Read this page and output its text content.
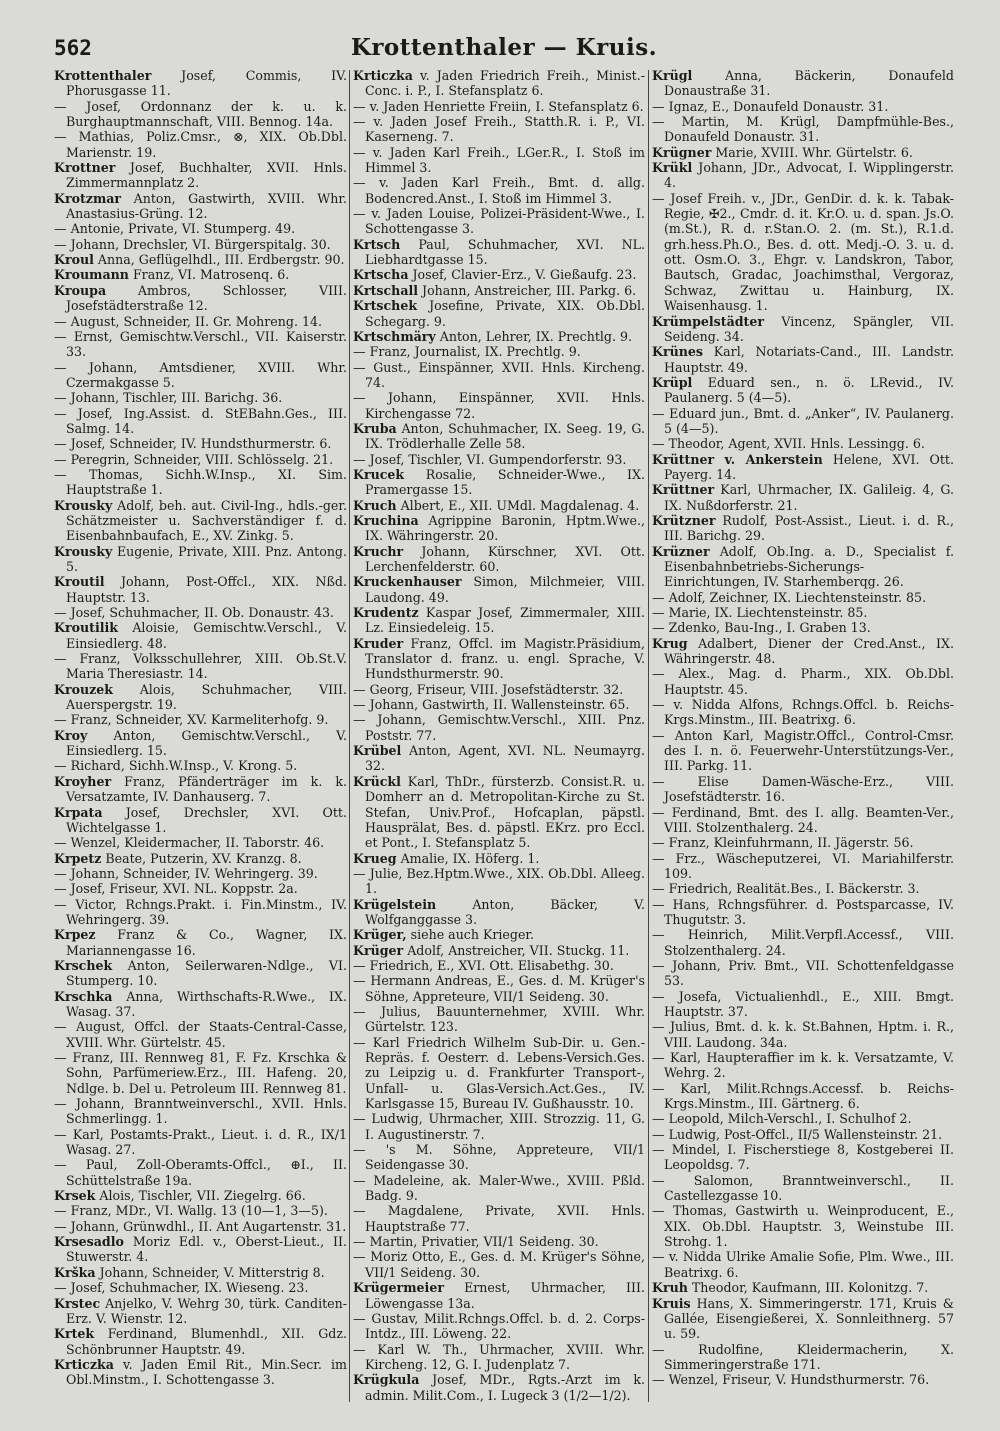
562	Krottenthaler — Kruis.

Krottenthaler Josef, Commis, IV. Phorusgasse 11.

— Josef, Ordonnanz der k. u. k. Burghauptmannschaft, VIII. Bennog. 14a.

— Mathias, Poliz.Cmsr., ⊗, XIX. Ob.Dbl. Marienstr. 19.

Krottner Josef, Buchhalter, XVII. Hnls. Zimmermannplatz 2.

Krotzmar Anton, Gastwirth, XVIII. Whr. Anastasius-Grüng. 12.

— Antonie, Private, VI. Stumperg. 49.

— Johann, Drechsler, VI. Bürgerspitalg. 30.

Kroul Anna, Geflügelhdl., III. Erdbergstr. 90.

Kroumann Franz, VI. Matrosenq. 6.

Kroupa Ambros, Schlosser, VIII. Josefstädterstraße 12.

— August, Schneider, II. Gr. Mohreng. 14.

— Ernst, Gemischtw.Verschl., VII. Kaiserstr. 33.

— Johann, Amtsdiener, XVIII. Whr. Czermakgasse 5.

— Johann, Tischler, III. Barichg. 36.

— Josef, Ing.Assist. d. StEBahn.Ges., III. Salmg. 14.

— Josef, Schneider, IV. Hundsthurmerstr. 6.

— Peregrin, Schneider, VIII. Schlösselg. 21.

— Thomas, Sichh.W.Insp., XI. Sim. Hauptstraße 1.

Krousky Adolf, beh. aut. Civil-Ing., hdls.-ger. Schätzmeister u. Sachverständiger f. d. Eisenbahnbaufach, E., XV. Zinkg. 5.

Krousky Eugenie, Private, XIII. Pnz. Antong. 5.

Kroutil Johann, Post-Offcl., XIX. Nßd. Hauptstr. 13.

— Josef, Schuhmacher, II. Ob. Donaustr. 43.

Kroutilik Aloisie, Gemischtw.Verschl., V. Einsiedlerg. 48.

— Franz, Volksschullehrer, XIII. Ob.St.V. Maria Theresiastr. 14.

Krouzek Alois, Schuhmacher, VIII. Auerspergstr. 19.

— Franz, Schneider, XV. Karmeliterhofg. 9.

Kroy Anton, Gemischtw.Verschl., V. Einsiedlerg. 15.

— Richard, Sichh.W.Insp., V. Krong. 5.

Kroyher Franz, Pfänderträger im k. k. Versatzamte, IV. Danhauserg. 7.

Krpata Josef, Drechsler, XVI. Ott. Wichtelgasse 1.

— Wenzel, Kleidermacher, II. Taborstr. 46.

Krpetz Beate, Putzerin, XV. Kranzg. 8.

— Johann, Schneider, IV. Wehringerg. 39.

— Josef, Friseur, XVI. NL. Koppstr. 2a.

— Victor, Rchngs.Prakt. i. Fin.Minstm., IV. Wehringerg. 39.

Krpez Franz & Co., Wagner, IX. Mariannengasse 16.

Krschek Anton, Seilerwaren-Ndlge., VI. Stumperg. 10.

Krschka Anna, Wirthschafts-R.Wwe., IX. Wasag. 37.

— August, Offcl. der Staats-Central-Casse, XVIII. Whr. Gürtelstr. 45.

— Franz, III. Rennweg 81, F. Fz. Krschka & Sohn, Parfümeriew.Erz., III. Hafeng. 20, Ndlge. b. Del u. Petroleum III. Rennweg 81.

— Johann, Branntweinverschl., XVII. Hnls. Schmerlingg. 1.

— Karl, Postamts-Prakt., Lieut. i. d. R., IX/1 Wasag. 27.

— Paul, Zoll-Oberamts-Offcl., ⊕I., II. Schüttelstraße 19a.

Krsek Alois, Tischler, VII. Ziegelrg. 66.

— Franz, MDr., VI. Wallg. 13 (10—1, 3—5).

— Johann, Grünwdhl., II. Ant Augartenstr. 31.

Krsesadlo Moriz Edl. v., Oberst-Lieut., II. Stuwerstr. 4.

Krška Johann, Schneider, V. Mitterstrig 8.

— Josef, Schuhmacher, IX. Wieseng. 23.

Krstec Anjelko, V. Wehrg 30, türk. Canditen-Erz. V. Wienstr. 12.

Krtek Ferdinand, Blumenhdl., XII. Gdz. Schönbrunner Hauptstr. 49.

Krticzka v. Jaden Emil Rit., Min.Secr. im Obl.Minstm., I. Schottengasse 3.

Krticzka v. Jaden Friedrich Freih., Minist.-Conc. i. P., I. Stefansplatz 6.

— v. Jaden Henriette Freiin, I. Stefansplatz 6.

— v. Jaden Josef Freih., Statth.R. i. P., VI. Kaserneng. 7.

— v. Jaden Karl Freih., LGer.R., I. Stoß im Himmel 3.

— v. Jaden Karl Freih., Bmt. d. allg. Bodencred.Anst., I. Stoß im Himmel 3.

— v. Jaden Louise, Polizei-Präsident-Wwe., I. Schottengasse 3.

Krtsch Paul, Schuhmacher, XVI. NL. Liebhardtgasse 15.

Krtscha Josef, Clavier-Erz., V. Gießaufg. 23.

Krtschall Johann, Anstreicher, III. Parkg. 6.

Krtschek Josefine, Private, XIX. Ob.Dbl. Schegarg. 9.

Krtschmäry Anton, Lehrer, IX. Prechtlg. 9.

— Franz, Journalist, IX. Prechtlg. 9.

— Gust., Einspänner, XVII. Hnls. Kircheng. 74.

— Johann, Einspänner, XVII. Hnls. Kirchengasse 72.

Kruba Anton, Schuhmacher, IX. Seeg. 19, G. IX. Trödlerhalle Zelle 58.

— Josef, Tischler, VI. Gumpendorferstr. 93.

Krucek Rosalie, Schneider-Wwe., IX. Pramergasse 15.

Kruch Albert, E., XII. UMdl. Magdalenag. 4.

Kruchina Agrippine Baronin, Hptm.Wwe., IX. Währingerstr. 20.

Kruchr Johann, Kürschner, XVI. Ott. Lerchenfelderstr. 60.

Kruckenhauser Simon, Milchmeier, VIII. Laudong. 49.

Krudentz Kaspar Josef, Zimmermaler, XIII. Lz. Einsiedeleig. 15.

Kruder Franz, Offcl. im Magistr.Präsidium, Translator d. franz. u. engl. Sprache, V. Hundsthurmerstr. 90.

— Georg, Friseur, VIII. Josefstädterstr. 32.

— Johann, Gastwirth, II. Wallensteinstr. 65.

— Johann, Gemischtw.Verschl., XIII. Pnz. Poststr. 77.

Krübel Anton, Agent, XVI. NL. Neumayrg. 32.

Krückl Karl, ThDr., fürsterzb. Consist.R. u. Domherr an d. Metropolitan-Kirche zu St. Stefan, Univ.Prof., Hofcaplan, päpstl. Hausprälat, Bes. d. päpstl. EKrz. pro Eccl. et Pont., I. Stefansplatz 5.

Krueg Amalie, IX. Höferg. 1.

— Julie, Bez.Hptm.Wwe., XIX. Ob.Dbl. Alleeg. 1.

Krügelstein Anton, Bäcker, V. Wolfganggasse 3.

Krüger, siehe auch Krieger.

Krüger Adolf, Anstreicher, VII. Stuckg. 11.

— Friedrich, E., XVI. Ott. Elisabethg. 30.

— Hermann Andreas, E., Ges. d. M. Krüger's Söhne, Appreteure, VII/1 Seideng. 30.

— Julius, Bauunternehmer, XVIII. Whr. Gürtelstr. 123.

— Karl Friedrich Wilhelm Sub-Dir. u. Gen.-Repräs. f. Oesterr. d. Lebens-Versich.Ges. zu Leipzig u. d. Frankfurter Transport-, Unfall- u. Glas-Versich.Act.Ges., IV. Karlsgasse 15, Bureau IV. Gußhausstr. 10.

— Ludwig, Uhrmacher, XIII. Strozzig. 11, G. I. Augustinerstr. 7.

— 's M. Söhne, Appreteure, VII/1 Seidengasse 30.

— Madeleine, ak. Maler-Wwe., XVIII. Pßld. Badg. 9.

— Magdalene, Private, XVII. Hnls. Hauptstraße 77.

— Martin, Privatier, VII/1 Seideng. 30.

— Moriz Otto, E., Ges. d. M. Krüger's Söhne, VII/1 Seideng. 30.

Krügermeier Ernest, Uhrmacher, III. Löwengasse 13a.

— Gustav, Milit.Rchngs.Offcl. b. d. 2. Corps-Intdz., III. Löweng. 22.

— Karl W. Th., Uhrmacher, XVIII. Whr. Kircheng. 12, G. I. Judenplatz 7.

Krügkula Josef, MDr., Rgts.-Arzt im k. admin. Milit.Com., I. Lugeck 3 (1/2—1/2).

Krügl Anna, Bäckerin, Donaufeld Donaustraße 31.

— Ignaz, E., Donaufeld Donaustr. 31.

— Martin, M. Krügl, Dampfmühle-Bes., Donaufeld Donaustr. 31.

Krügner Marie, XVIII. Whr. Gürtelstr. 6.

Krükl Johann, JDr., Advocat, I. Wipplingerstr. 4.

— Josef Freih. v., JDr., GenDir. d. k. k. Tabak-Regie, ✠2., Cmdr. d. it. Kr.O. u. d. span. Js.O. (m.St.), R. d. r.Stan.O. 2. (m. St.), R.1.d. grh.hess.Ph.O., Bes. d. ott. Medj.-O. 3. u. d. ott. Osm.O. 3., Ehgr. v. Landskron, Tabor, Bautsch, Gradac, Joachimsthal, Vergoraz, Schwaz, Zwittau u. Hainburg, IX. Waisenhausg. 1.

Krümpelstädter Vincenz, Spängler, VII. Seideng. 34.

Krünes Karl, Notariats-Cand., III. Landstr. Hauptstr. 49.

Krüpl Eduard sen., n. ö. LRevid., IV. Paulanerg. 5 (4—5).

— Eduard jun., Bmt. d. „Anker“, IV. Paulanerg. 5 (4—5).

— Theodor, Agent, XVII. Hnls. Lessingg. 6.

Krüttner v. Ankerstein Helene, XVI. Ott. Payerg. 14.

Krüttner Karl, Uhrmacher, IX. Galileig. 4, G. IX. Nußdorferstr. 21.

Krützner Rudolf, Post-Assist., Lieut. i. d. R., III. Barichg. 29.

Krüzner Adolf, Ob.Ing. a. D., Specialist f. Eisenbahnbetriebs-Sicherungs-Einrichtungen, IV. Starhemberqg. 26.

— Adolf, Zeichner, IX. Liechtensteinstr. 85.

— Marie, IX. Liechtensteinstr. 85.

— Zdenko, Bau-Ing., I. Graben 13.

Krug Adalbert, Diener der Cred.Anst., IX. Währingerstr. 48.

— Alex., Mag. d. Pharm., XIX. Ob.Dbl. Hauptstr. 45.

— v. Nidda Alfons, Rchngs.Offcl. b. Reichs-Krgs.Minstm., III. Beatrixg. 6.

— Anton Karl, Magistr.Offcl., Control-Cmsr. des I. n. ö. Feuerwehr-Unterstützungs-Ver., III. Parkg. 11.

— Elise Damen-Wäsche-Erz., VIII. Josefstädterstr. 16.

— Ferdinand, Bmt. des I. allg. Beamten-Ver., VIII. Stolzenthalerg. 24.

— Franz, Kleinfuhrmann, II. Jägerstr. 56.

— Frz., Wäscheputzerei, VI. Mariahilferstr. 109.

— Friedrich, Realität.Bes., I. Bäckerstr. 3.

— Hans, Rchngsführer. d. Postsparcasse, IV. Thugutstr. 3.

— Heinrich, Milit.Verpfl.Accessf., VIII. Stolzenthalerg. 24.

— Johann, Priv. Bmt., VII. Schottenfeldgasse 53.

— Josefa, Victualienhdl., E., XIII. Bmgt. Hauptstr. 37.

— Julius, Bmt. d. k. k. St.Bahnen, Hptm. i. R., VIII. Laudong. 34a.

— Karl, Haupteraffier im k. k. Versatzamte, V. Wehrg. 2.

— Karl, Milit.Rchngs.Accessf. b. Reichs-Krgs.Minstm., III. Gärtnerg. 6.

— Leopold, Milch-Verschl., I. Schulhof 2.

— Ludwig, Post-Offcl., II/5 Wallensteinstr. 21.

— Mindel, I. Fischerstiege 8, Kostgeberei II. Leopoldsg. 7.

— Salomon, Branntweinverschl., II. Castellezgasse 10.

— Thomas, Gastwirth u. Weinproducent, E., XIX. Ob.Dbl. Hauptstr. 3, Weinstube III. Strohg. 1.

— v. Nidda Ulrike Amalie Sofie, Plm. Wwe., III. Beatrixg. 6.

Kruh Theodor, Kaufmann, III. Kolonitzg. 7.

Kruis Hans, X. Simmeringerstr. 171, Kruis & Gallée, Eisengießerei, X. Sonnleithnerg. 57 u. 59.

— Rudolfine, Kleidermacherin, X. Simmeringerstraße 171.

— Wenzel, Friseur, V. Hundsthurmerstr. 76.
